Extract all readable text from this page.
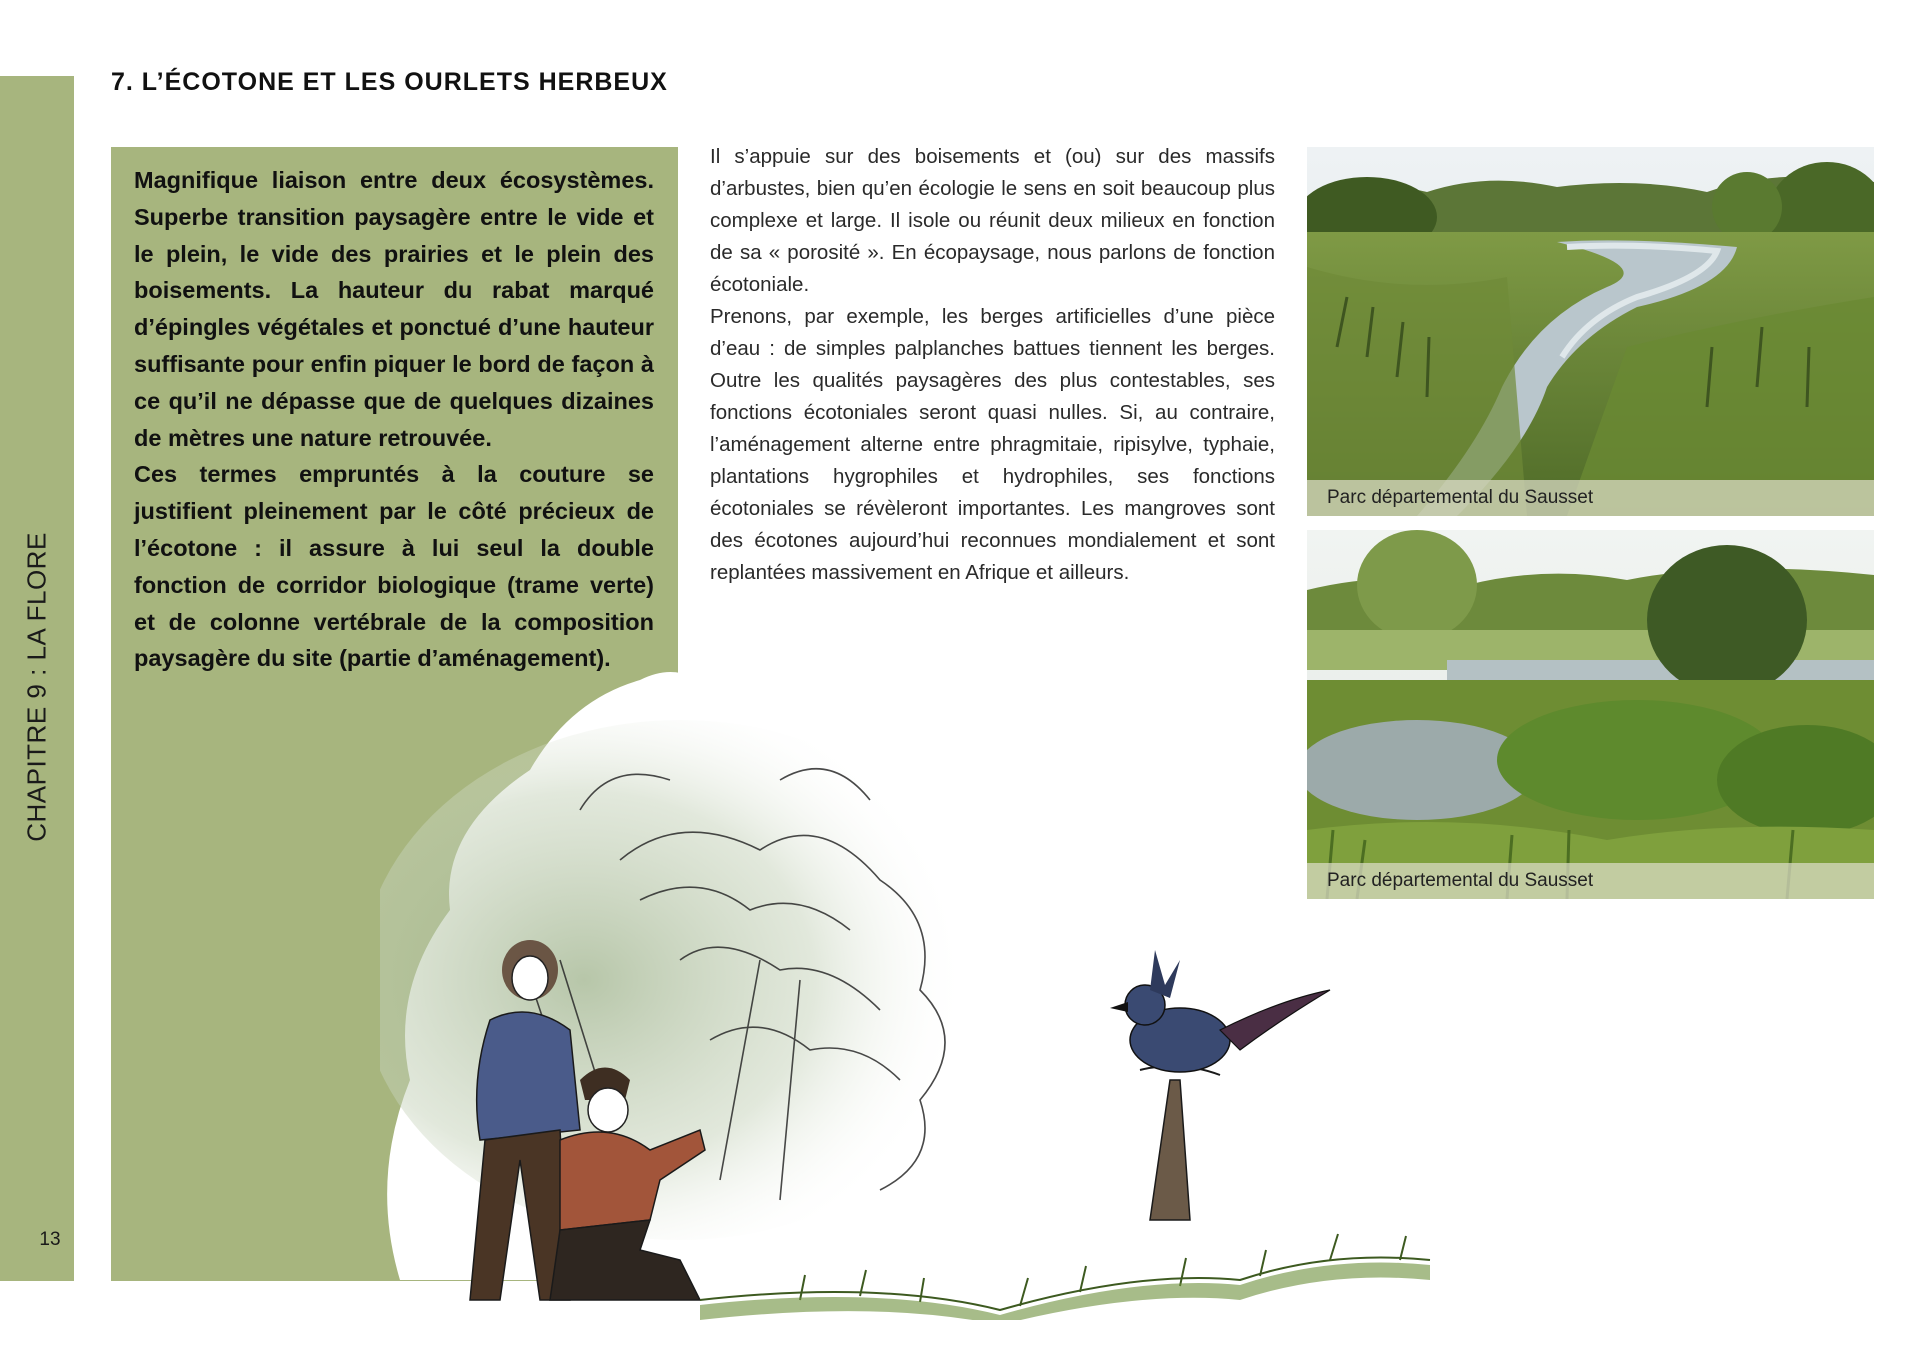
CHAPITRE 9 : LA FLORE
13
7. L’ÉCOTONE ET LES OURLETS HERBEUX

Magnifique liaison entre deux écosystèmes. Superbe transition paysagère entre le vide et le plein, le vide des prairies et le plein des boisements. La hauteur du rabat marqué d’épingles végétales et ponctué d’une hauteur suffisante pour enfin piquer le bord de façon à ce qu’il ne dépasse que de quelques dizaines de mètres une nature retrouvée.

Ces termes empruntés à la couture se justifient pleinement par le côté précieux de l’écotone : il assure à lui seul la double fonction de corridor biologique (trame verte) et de colonne vertébrale de la composition paysagère du site (partie d’aménagement).

Il s’appuie sur des boisements et (ou) sur des massifs d’arbustes, bien qu’en écologie le sens en soit beaucoup plus complexe et large. Il isole ou réunit deux milieux en fonction de sa « porosité ». En écopaysage, nous parlons de fonction écotoniale.

Prenons, par exemple, les berges artificielles d’une pièce d’eau : de simples palplanches battues tiennent les berges. Outre les qualités paysagères des plus contestables, ses fonctions écotoniales seront quasi nulles. Si, au contraire, l’aménagement alterne entre phragmitaie, ripisylve, typhaie, plantations hygrophiles et hydrophiles, ses fonctions écotoniales se révèleront importantes. Les mangroves sont des écotones aujourd’hui reconnues mondialement et sont replantées massivement en Afrique et ailleurs.

Parc départemental du Sausset
Parc départemental du Sausset
